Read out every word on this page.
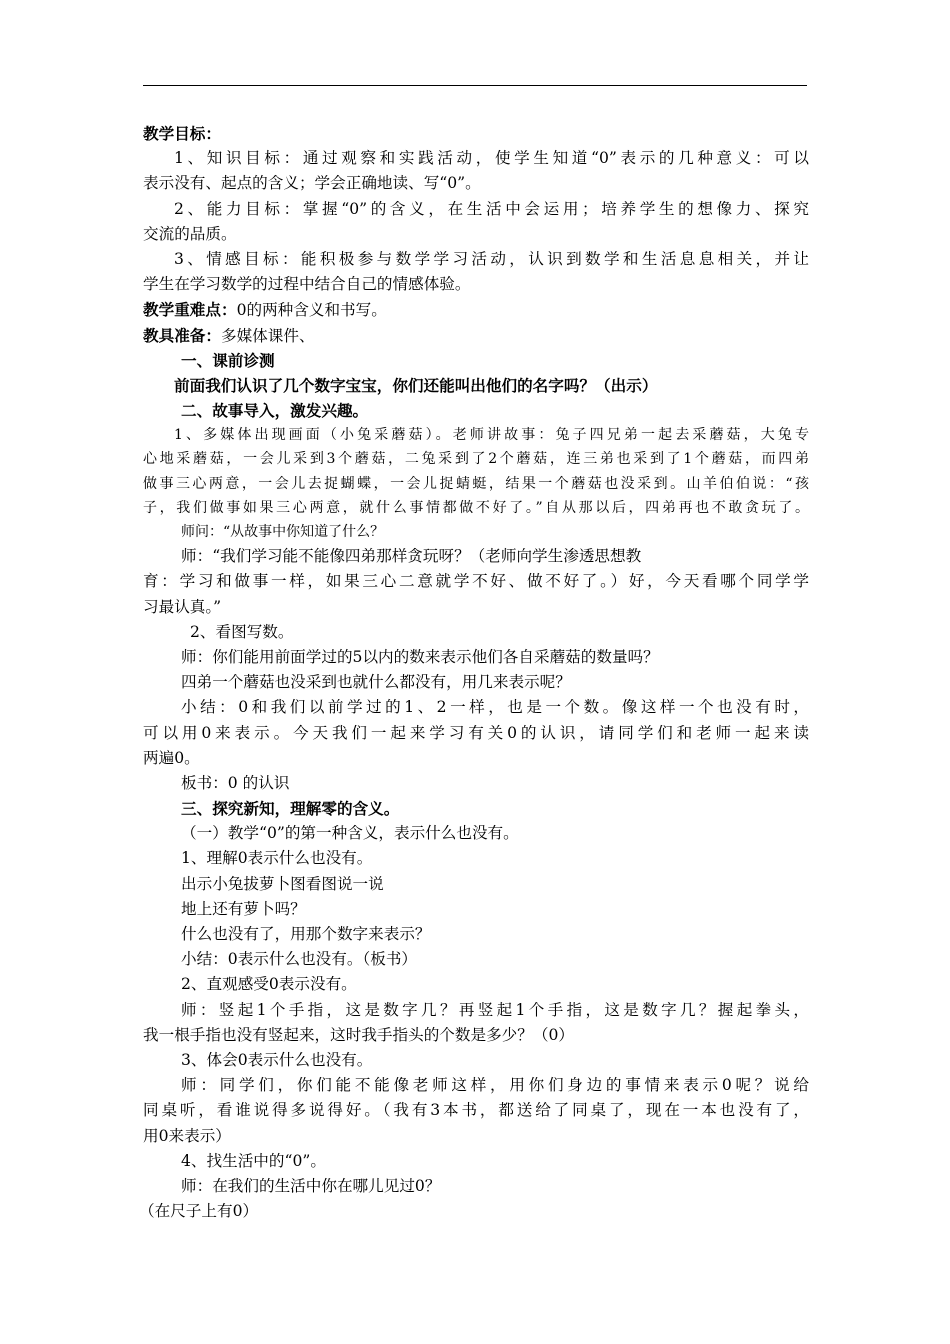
教学目标：
1、知识目标：通过观察和实践活动，使学生知道“0”表示的几种意义：可以
表示没有、起点的含义；学会正确地读、写“0”。
2、能力目标：掌握“0”的含义，在生活中会运用；培养学生的想像力、探究
交流的品质。
3、情感目标：能积极参与数学学习活动，认识到数学和生活息息相关，并让
学生在学习数学的过程中结合自己的情感体验。
教学重难点：0的两种含义和书写。
教具准备：多媒体课件、
一、课前诊测
前面我们认识了几个数字宝宝，你们还能叫出他们的名字吗？（出示）
二、故事导入，激发兴趣。
1、多媒体出现画面（小兔采蘑菇）。老师讲故事：兔子四兄弟一起去采蘑菇，大兔专
心地采蘑菇，一会儿采到3个蘑菇，二兔采到了2个蘑菇，连三弟也采到了1个蘑菇，而四弟
做事三心两意，一会儿去捉蝴蝶，一会儿捉蜻蜓，结果一个蘑菇也没采到。山羊伯伯说：“孩
子，我们做事如果三心两意，就什么事情都做不好了。”自从那以后，四弟再也不敢贪玩了。
师问：“从故事中你知道了什么？
师：“我们学习能不能像四弟那样贪玩呀？（老师向学生渗透思想教
育：学习和做事一样，如果三心二意就学不好、做不好了。）好，今天看哪个同学学
习最认真。”
2、看图写数。
师：你们能用前面学过的5以内的数来表示他们各自采蘑菇的数量吗？
四弟一个蘑菇也没采到也就什么都没有，用几来表示呢？
小结：0和我们以前学过的1、2一样，也是一个数。像这样一个也没有时，
可以用0来表示。今天我们一起来学习有关0的认识，请同学们和老师一起来读
两遍0。
板书：0 的认识
三、探究新知，理解零的含义。
（一）教学“0”的第一种含义，表示什么也没有。
1、理解0表示什么也没有。
出示小兔拔萝卜图看图说一说
地上还有萝卜吗？
什么也没有了，用那个数字来表示？
小结：0表示什么也没有。（板书）
2、直观感受0表示没有。
师：竖起1个手指，这是数字几？再竖起1个手指，这是数字几？握起拳头，
我一根手指也没有竖起来，这时我手指头的个数是多少？（0）
3、体会0表示什么也没有。
师：同学们，你们能不能像老师这样，用你们身边的事情来表示0呢？说给
同桌听，看谁说得多说得好。（我有3本书，都送给了同桌了，现在一本也没有了，
用0来表示）
4、找生活中的“0”。
师：在我们的生活中你在哪儿见过0？
（在尺子上有0）
